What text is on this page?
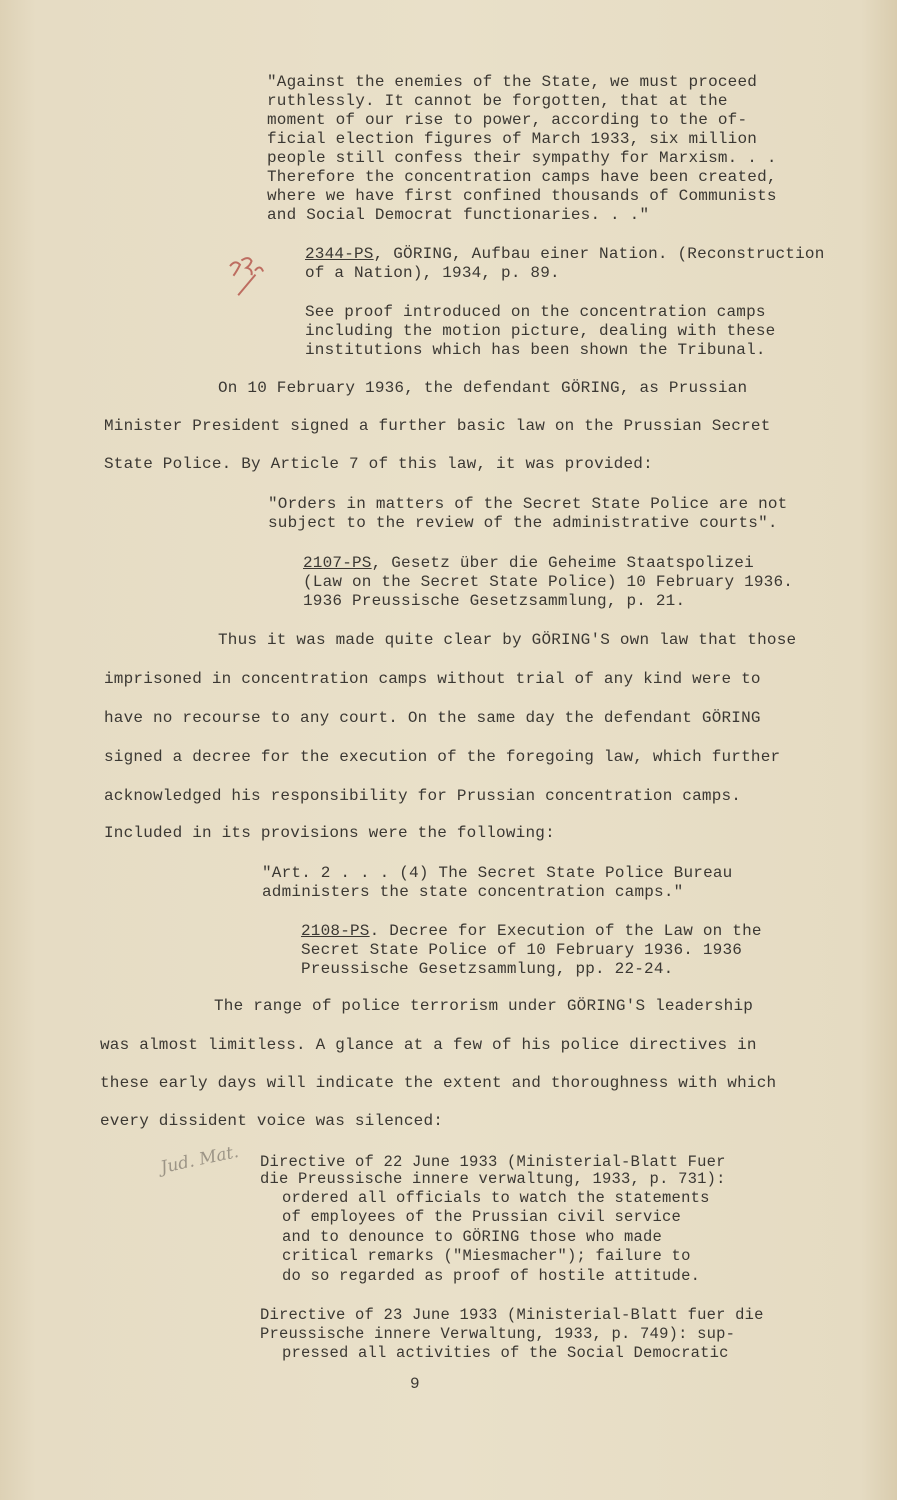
"Against the enemies of the State, we must proceed
ruthlessly. It cannot be forgotten, that at the
moment of our rise to power, according to the of-
ficial election figures of March 1933, six million
people still confess their sympathy for Marxism. . .
Therefore the concentration camps have been created,
where we have first confined thousands of Communists
and Social Democrat functionaries. . ."
2344-PS, GÖRING, Aufbau einer Nation. (Reconstruction
of a Nation), 1934, p. 89.
See proof introduced on the concentration camps
including the motion picture, dealing with these
institutions which has been shown the Tribunal.
On 10 February 1936, the defendant GÖRING, as Prussian
Minister President signed a further basic law on the Prussian Secret
State Police. By Article 7 of this law, it was provided:
"Orders in matters of the Secret State Police are not
subject to the review of the administrative courts".
2107-PS, Gesetz über die Geheime Staatspolizei
(Law on the Secret State Police) 10 February 1936.
1936 Preussische Gesetzsammlung, p. 21.
Thus it was made quite clear by GÖRING'S own law that those
imprisoned in concentration camps without trial of any kind were to
have no recourse to any court. On the same day the defendant GÖRING
signed a decree for the execution of the foregoing law, which further
acknowledged his responsibility for Prussian concentration camps.
Included in its provisions were the following:
"Art. 2 . . . (4) The Secret State Police Bureau
administers the state concentration camps."
2108-PS. Decree for Execution of the Law on the
Secret State Police of 10 February 1936. 1936
Preussische Gesetzsammlung, pp. 22-24.
The range of police terrorism under GÖRING'S leadership
was almost limitless. A glance at a few of his police directives in
these early days will indicate the extent and thoroughness with which
every dissident voice was silenced:
Jud. Mat. Directive of 22 June 1933 (Ministerial-Blatt Fuer
die Preussische innere verwaltung, 1933, p. 731):
ordered all officials to watch the statements
of employees of the Prussian civil service
and to denounce to GÖRING those who made
critical remarks ("Miesmacher"); failure to
do so regarded as proof of hostile attitude.
Directive of 23 June 1933 (Ministerial-Blatt fuer die
Preussische innere Verwaltung, 1933, p. 749): sup-
pressed all activities of the Social Democratic
9
